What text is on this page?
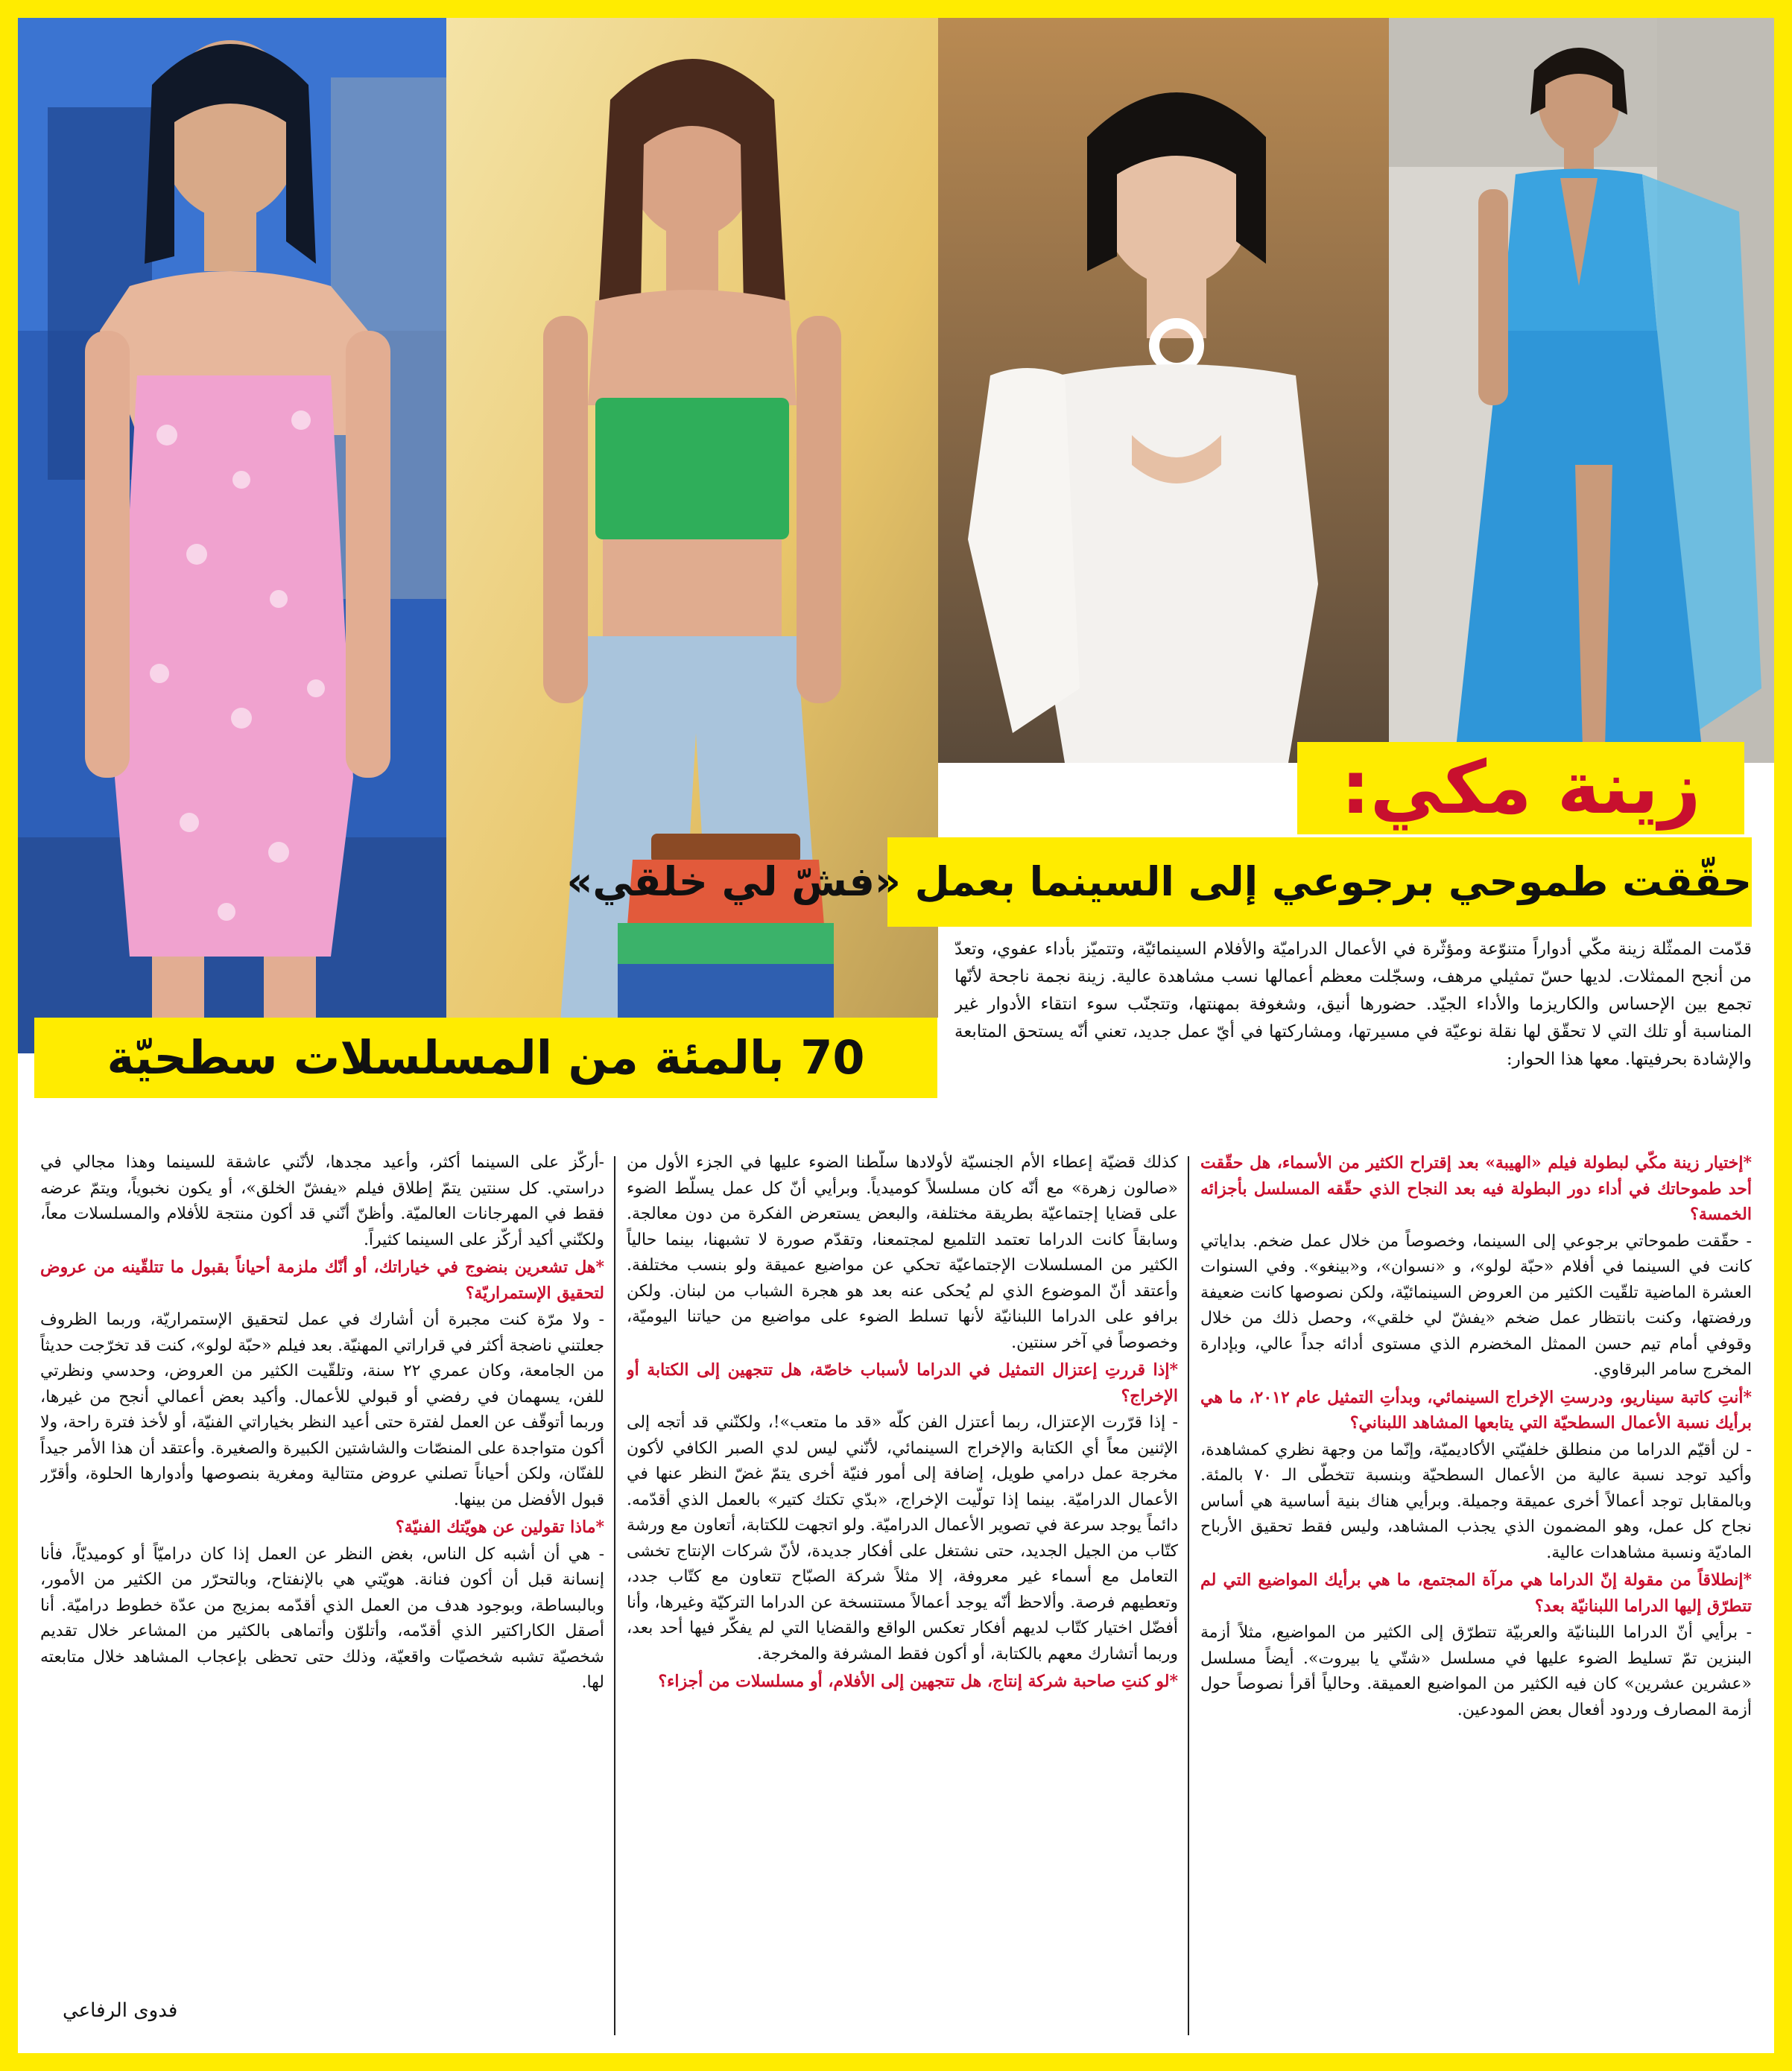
زينة مكي:
حقّقت طموحي برجوعي إلى السينما بعمل «فشّ لي خلقي»

قدّمت الممثّلة زينة مكّي أدواراً متنوّعة ومؤثّرة في الأعمال الدراميّة والأفلام السينمائيّة، وتتميّز بأداء عفوي، وتعدّ من أنجح الممثلات. لديها حسّ تمثيلي مرهف، وسجّلت معظم أعمالها نسب مشاهدة عالية. زينة نجمة ناجحة لأنّها تجمع بين الإحساس والكاريزما والأداء الجيّد. حضورها أنيق، وشغوفة بمهنتها، وتتجنّب سوء انتقاء الأدوار غير المناسبة أو تلك التي لا تحقّق لها نقلة نوعيّة في مسيرتها، ومشاركتها في أيّ عمل جديد، تعني أنّه يستحق المتابعة والإشادة بحرفيتها. معها هذا الحوار:

70 بالمئة من المسلسلات سطحيّة

*إختيار زينة مكّي لبطولة فيلم «الهيبة» بعد إقتراح الكثير من الأسماء، هل حقّقت أحد طموحاتك في أداء دور البطولة فيه بعد النجاح الذي حقّقه المسلسل بأجزائه الخمسة؟

- حقّقت طموحاتي برجوعي إلى السينما، وخصوصاً من خلال عمل ضخم. بداياتي كانت في السينما في أفلام «حبّة لولو»، و «نسوان»، و«بينغو». وفي السنوات العشرة الماضية تلقّيت الكثير من العروض السينمائيّة، ولكن نصوصها كانت ضعيفة ورفضتها، وكنت بانتظار عمل ضخم «يفشّ لي خلقي»، وحصل ذلك من خلال وقوفي أمام تيم حسن الممثل المخضرم الذي مستوى أدائه جداً عالي، وبإدارة المخرج سامر البرقاوي.

*أنتِ كاتبة سيناريو، ودرستِ الإخراج السينمائي، وبدأتِ التمثيل عام ٢٠١٢، ما هي برأيك نسبة الأعمال السطحيّة التي يتابعها المشاهد اللبناني؟

- لن أقيّم الدراما من منطلق خلفيّتي الأكاديميّة، وإنّما من وجهة نظري كمشاهدة، وأكيد توجد نسبة عالية من الأعمال السطحيّة وبنسبة تتخطّى الـ ٧٠ بالمئة. وبالمقابل توجد أعمالاً أخرى عميقة وجميلة. وبرأيي هناك بنية أساسية هي أساس نجاح كل عمل، وهو المضمون الذي يجذب المشاهد، وليس فقط تحقيق الأرباح الماديّة ونسبة مشاهدات عالية.

*إنطلاقاً من مقولة إنّ الدراما هي مرآة المجتمع، ما هي برأيك المواضيع التي لم تتطرّق إليها الدراما اللبنانيّة بعد؟

- برأيي أنّ الدراما اللبنانيّة والعربيّة تتطرّق إلى الكثير من المواضيع، مثلاً أزمة البنزين تمّ تسليط الضوء عليها في مسلسل «شتّي يا بيروت». أيضاً مسلسل «عشرين عشرين» كان فيه الكثير من المواضيع العميقة. وحالياً أقرأ نصوصاً حول أزمة المصارف وردود أفعال بعض المودعين.

كذلك قضيّة إعطاء الأم الجنسيّة لأولادها سلّطنا الضوء عليها في الجزء الأول من «صالون زهرة» مع أنّه كان مسلسلاً كوميدياً. وبرأيي أنّ كل عمل يسلّط الضوء على قضايا إجتماعيّة بطريقة مختلفة، والبعض يستعرض الفكرة من دون معالجة. وسابقاً كانت الدراما تعتمد التلميع لمجتمعنا، وتقدّم صورة لا تشبهنا، بينما حالياً الكثير من المسلسلات الإجتماعيّة تحكي عن مواضيع عميقة ولو بنسب مختلفة. وأعتقد أنّ الموضوع الذي لم يُحكى عنه بعد هو هجرة الشباب من لبنان. ولكن برافو على الدراما اللبنانيّة لأنها تسلط الضوء على مواضيع من حياتنا اليوميّة، وخصوصاً في آخر سنتين.

*إذا قررتِ إعتزال التمثيل في الدراما لأسباب خاصّة، هل تتجهين إلى الكتابة أو الإخراج؟

- إذا قرّرت الإعتزال، ربما أعتزل الفن كلّه «قد ما متعب»!، ولكنّني قد أتجه إلى الإثنين معاً أي الكتابة والإخراج السينمائي، لأنّني ليس لدي الصبر الكافي لأكون مخرجة عمل درامي طويل، إضافة إلى أمور فنيّة أخرى يتمّ غضّ النظر عنها في الأعمال الدراميّة. بينما إذا تولّيت الإخراج، «بدّي تكتك كتير» بالعمل الذي أقدّمه. دائماً يوجد سرعة في تصوير الأعمال الدراميّة. ولو اتجهت للكتابة، أتعاون مع ورشة كتّاب من الجيل الجديد، حتى نشتغل على أفكار جديدة، لأنّ شركات الإنتاج تخشى التعامل مع أسماء غير معروفة، إلا مثلاً شركة الصبّاح تتعاون مع كتّاب جدد، وتعطيهم فرصة. وألاحظ أنّه يوجد أعمالاً مستنسخة عن الدراما التركيّة وغيرها، وأنا أفضّل اختيار كتّاب لديهم أفكار تعكس الواقع والقضايا التي لم يفكّر فيها أحد بعد، وربما أتشارك معهم بالكتابة، أو أكون فقط المشرفة والمخرجة.

*لو كنتِ صاحبة شركة إنتاج، هل تتجهين إلى الأفلام، أو مسلسلات من أجزاء؟

-أركّز على السينما أكثر، وأعيد مجدها، لأنّني عاشقة للسينما وهذا مجالي في دراستي. كل سنتين يتمّ إطلاق فيلم «يفشّ الخلق»، أو يكون نخبوياً، ويتمّ عرضه فقط في المهرجانات العالميّة. وأظنّ أنّني قد أكون منتجة للأفلام والمسلسلات معاً، ولكنّني أكيد أركّز على السينما كثيراً.

*هل تشعرين بنضوج في خياراتك، أو أنّك ملزمة أحياناً بقبول ما تتلقّينه من عروض لتحقيق الإستمراريّة؟

- ولا مرّة كنت مجبرة أن أشارك في عمل لتحقيق الإستمراريّة، وربما الظروف جعلتني ناضجة أكثر في قراراتي المهنيّة. بعد فيلم «حبّة لولو»، كنت قد تخرّجت حديثاً من الجامعة، وكان عمري ٢٢ سنة، وتلقّيت الكثير من العروض، وحدسي ونظرتي للفن، يسهمان في رفضي أو قبولي للأعمال. وأكيد بعض أعمالي أنجح من غيرها، وربما أتوقّف عن العمل لفترة حتى أعيد النظر بخياراتي الفنيّة، أو لأخذ فترة راحة، ولا أكون متواجدة على المنصّات والشاشتين الكبيرة والصغيرة. وأعتقد أن هذا الأمر جيداً للفنّان، ولكن أحياناً تصلني عروض متتالية ومغرية بنصوصها وأدوارها الحلوة، وأقرّر قبول الأفضل من بينها.

*ماذا تقولين عن هويّتك الفنيّة؟

- هي أن أشبه كل الناس، بغض النظر عن العمل إذا كان دراميّاً أو كوميديّاً، فأنا إنسانة قبل أن أكون فنانة. هويّتي هي بالإنفتاح، وبالتحرّر من الكثير من الأمور، وبالبساطة، وبوجود هدف من العمل الذي أقدّمه بمزيج من عدّة خطوط دراميّة. أنا أصقل الكاراكتير الذي أقدّمه، وأتلوّن وأتماهى بالكثير من المشاعر خلال تقديم شخصيّة تشبه شخصيّات واقعيّة، وذلك حتى تحظى بإعجاب المشاهد خلال متابعته لها.

فدوى الرفاعي
